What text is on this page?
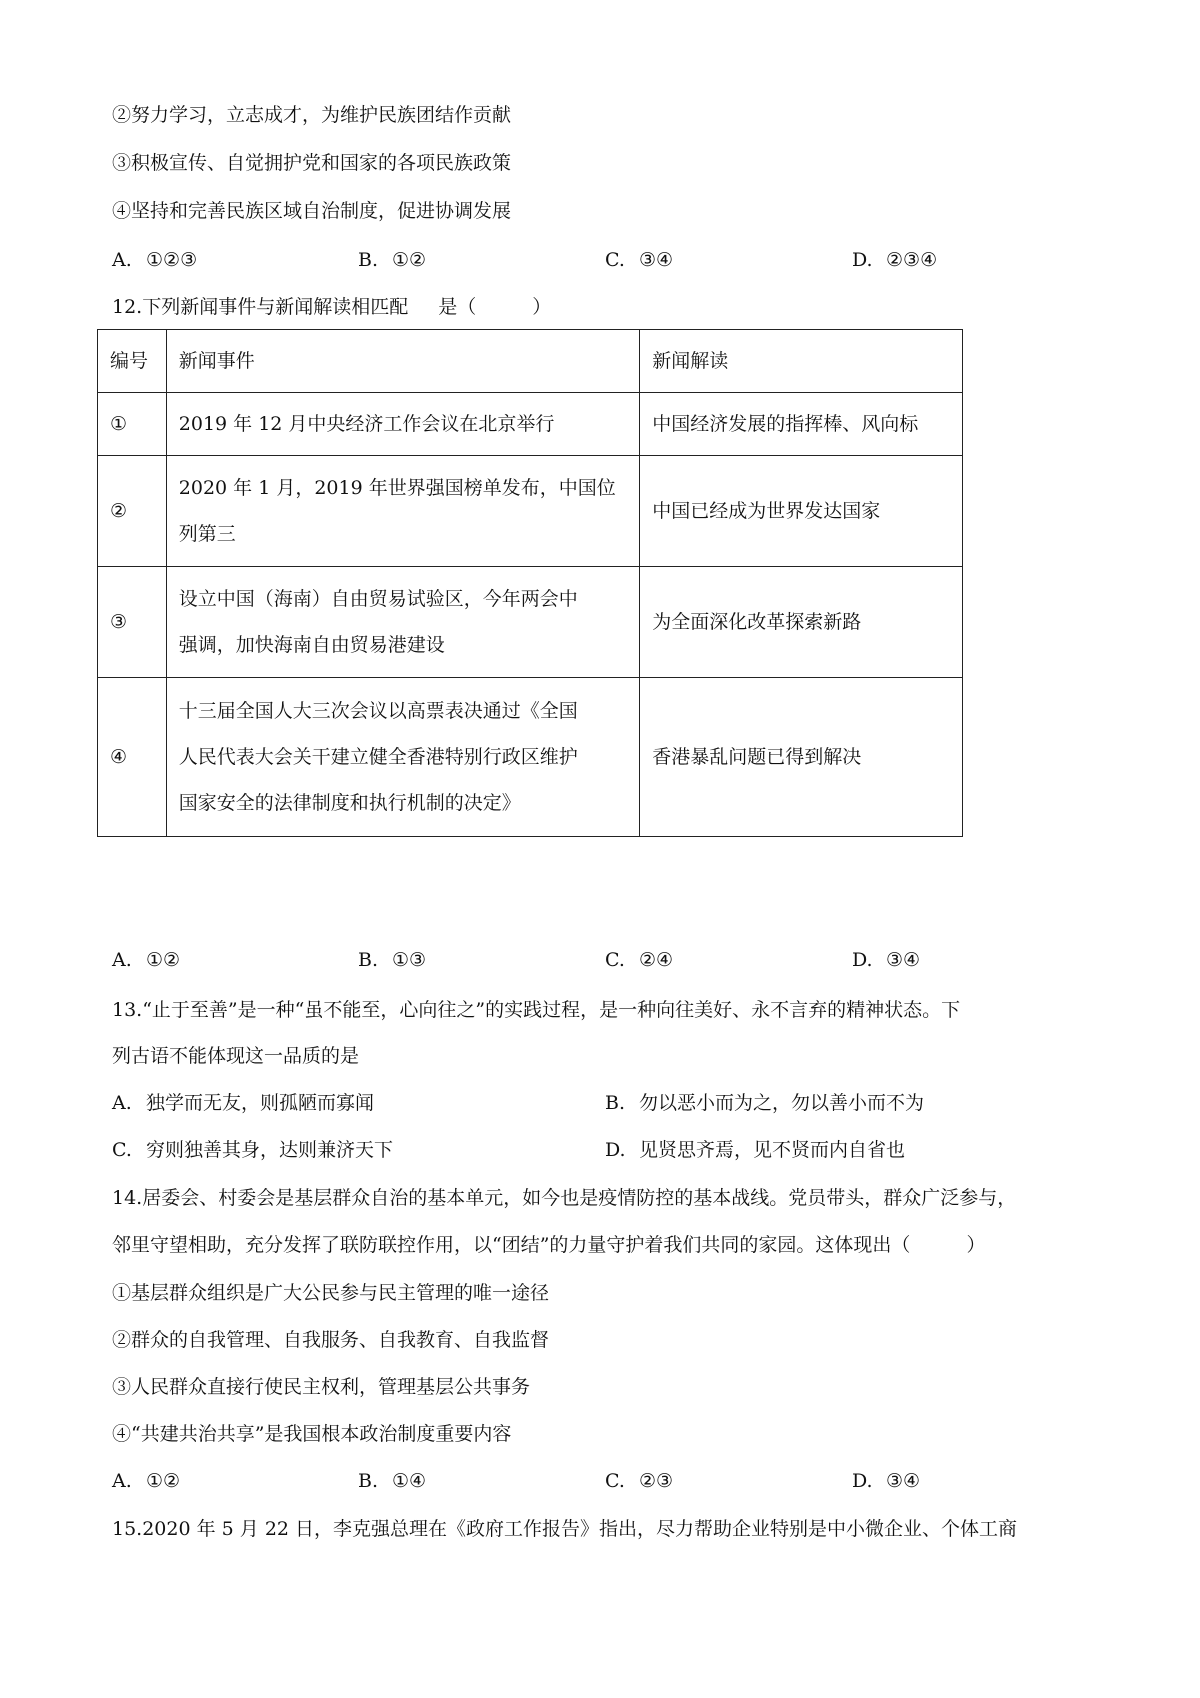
②努力学习，立志成才，为维护民族团结作贡献
③积极宣传、自觉拥护党和国家的各项民族政策
④坚持和完善民族区域自治制度，促进协调发展
A. ①②③	B. ①②	C. ③④	D. ②③④
12.下列新闻事件与新闻解读相匹配 是（	）
编号	新闻事件	新闻解读
①	2019 年 12 月中央经济工作会议在北京举行	中国经济发展的指挥棒、风向标
②	2020 年 1 月，2019 年世界强国榜单发布，中国位
列第三	中国已经成为世界发达国家
③	设立中国（海南）自由贸易试验区，今年两会中
强调，加快海南自由贸易港建设	为全面深化改革探索新路
④	十三届全国人大三次会议以高票表决通过《全国
人民代表大会关干建立健全香港特别行政区维护
国家安全的法律制度和执行机制的决定》	香港暴乱问题已得到解决
A. ①②	B. ①③	C. ②④	D. ③④
13.“止于至善”是一种“虽不能至，心向往之”的实践过程，是一种向往美好、永不言弃的精神状态。下
列古语不能体现这一品质的是
A. 独学而无友，则孤陋而寡闻	B. 勿以恶小而为之，勿以善小而不为
C. 穷则独善其身，达则兼济天下	D. 见贤思齐焉，见不贤而内自省也
14.居委会、村委会是基层群众自治的基本单元，如今也是疫情防控的基本战线。党员带头，群众广泛参与，
邻里守望相助，充分发挥了联防联控作用，以“团结”的力量守护着我们共同的家园。这体现出（	）
①基层群众组织是广大公民参与民主管理的唯一途径
②群众的自我管理、自我服务、自我教育、自我监督
③人民群众直接行使民主权利，管理基层公共事务
④“共建共治共享”是我国根本政治制度重要内容
A. ①②	B. ①④	C. ②③	D. ③④
15.2020 年 5 月 22 日，李克强总理在《政府工作报告》指出，尽力帮助企业特别是中小微企业、个体工商
